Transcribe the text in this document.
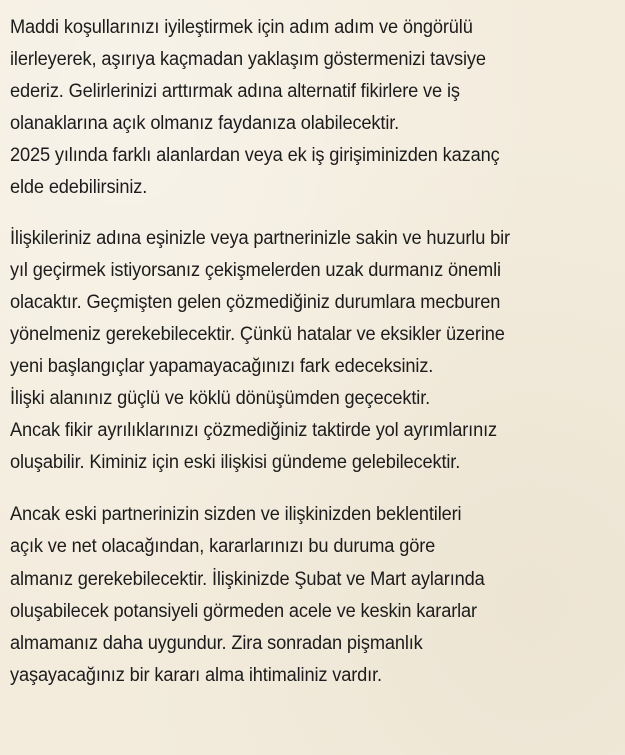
Maddi koşullarınızı iyileştirmek için adım adım ve öngörülü
ilerleyerek, aşırıya kaçmadan yaklaşım göstermenizi tavsiye
ederiz. Gelirlerinizi arttırmak adına alternatif fikirlere ve iş
olanaklarına açık olmanız faydanıza olabilecektir.
2025 yılında farklı alanlardan veya ek iş girişiminizden kazanç
elde edebilirsiniz.

İlişkileriniz adına eşinizle veya partnerinizle sakin ve huzurlu bir
yıl geçirmek istiyorsanız çekişmelerden uzak durmanız önemli
olacaktır. Geçmişten gelen çözmediğiniz durumlara mecburen
yönelmeniz gerekebilecektir. Çünkü hatalar ve eksikler üzerine
yeni başlangıçlar yapamayacağınızı fark edeceksiniz.
İlişki alanınız güçlü ve köklü dönüşümden geçecektir.
Ancak fikir ayrılıklarınızı çözmediğiniz taktirde yol ayrımlarınız
oluşabilir. Kiminiz için eski ilişkisi gündeme gelebilecektir.

Ancak eski partnerinizin sizden ve ilişkinizden beklentileri
açık ve net olacağından, kararlarınızı bu duruma göre
almanız gerekebilecektir. İlişkinizde Şubat ve Mart aylarında
oluşabilecek potansiyeli görmeden acele ve keskin kararlar
almamanız daha uygundur. Zira sonradan pişmanlık
yaşayacağınız bir kararı alma ihtimaliniz vardır.
